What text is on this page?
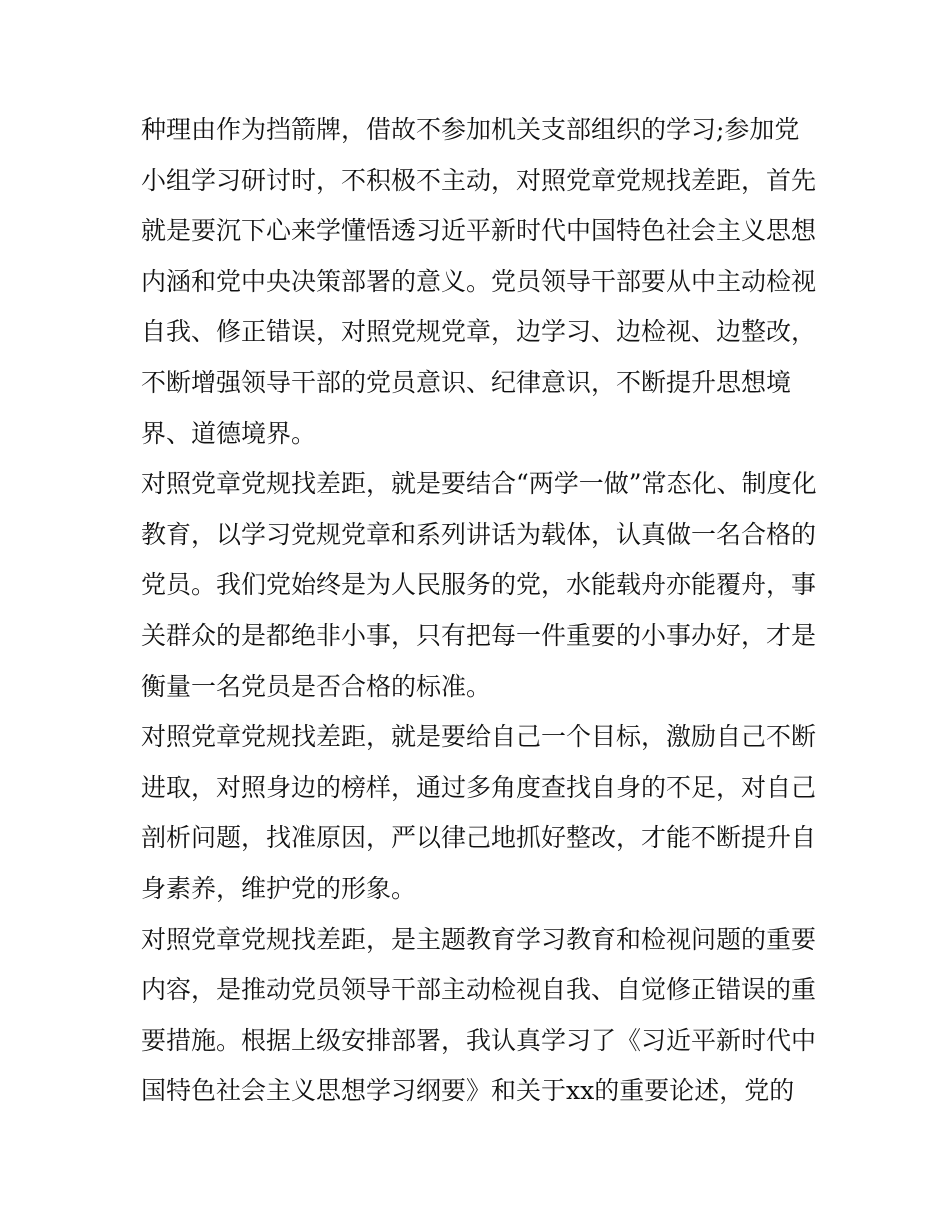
种理由作为挡箭牌，借故不参加机关支部组织的学习;参加党
小组学习研讨时，不积极不主动，对照党章党规找差距，首先
就是要沉下心来学懂悟透习近平新时代中国特色社会主义思想
内涵和党中央决策部署的意义。党员领导干部要从中主动检视
自我、修正错误，对照党规党章，边学习、边检视、边整改，
不断增强领导干部的党员意识、纪律意识，不断提升思想境
界、道德境界。
对照党章党规找差距，就是要结合“两学一做”常态化、制度化
教育，以学习党规党章和系列讲话为载体，认真做一名合格的
党员。我们党始终是为人民服务的党，水能载舟亦能覆舟，事
关群众的是都绝非小事，只有把每一件重要的小事办好，才是
衡量一名党员是否合格的标准。
对照党章党规找差距，就是要给自己一个目标，激励自己不断
进取，对照身边的榜样，通过多角度查找自身的不足，对自己
剖析问题，找准原因，严以律己地抓好整改，才能不断提升自
身素养，维护党的形象。
对照党章党规找差距，是主题教育学习教育和检视问题的重要
内容，是推动党员领导干部主动检视自我、自觉修正错误的重
要措施。根据上级安排部署，我认真学习了《习近平新时代中
国特色社会主义思想学习纲要》和关于xx的重要论述，党的
